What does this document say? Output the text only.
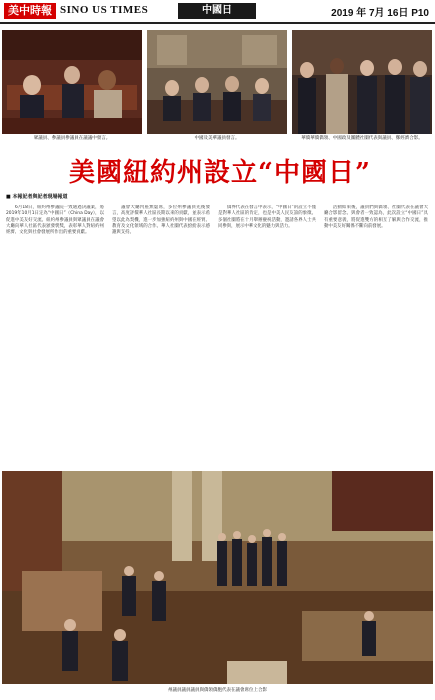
美中時報 SINO US TIMES	中國日	2019 年 7月 16日 P10
眾議員、參議員參議員在議議中發言。	中國及美華議員發言。	華僑華僑僑領、中國政及團體社團代表與議員、鄭經濟合影。
美國紐約州設立“中國日”
■ 本報記者與記者現場報道

6月18日，紐約州參議院一致通過決議案，將2019年10月1日定為“中國日”（China Day），以促進中美友好交流。紐約州參議員與眾議員在議會大廳向華人社區代表頒發褒獎，表彰華人對紐約州經濟、文化與社會發展所作出的重要貢獻。

議會大廳內座無虛席，多位州參議員先後發言，高度評價華人社區長期以來的貢獻，並表示希望以此為契機，進一步加強紐約州與中國在經貿、教育及文化領域的合作。華人社團代表紛紛表示感謝與支持。

僑界代表在發言中表示，“中國日”的設立不僅是對華人社區的肯定，也是中美人民友誼的象徵。多個社團將在十月舉辦慶祝活動，邀請各界人士共同參與，展示中華文化的魅力與活力。

活動結束後，議員們與僑領、社團代表在議會大廳合影留念。與會者一致認為，此次設立“中國日”具有重要意義，將促進雙方的相互了解與合作交流，推動中美友好關係不斷向前發展。

州議員議員議員與僑領僑胞代表在議會席位上合影
